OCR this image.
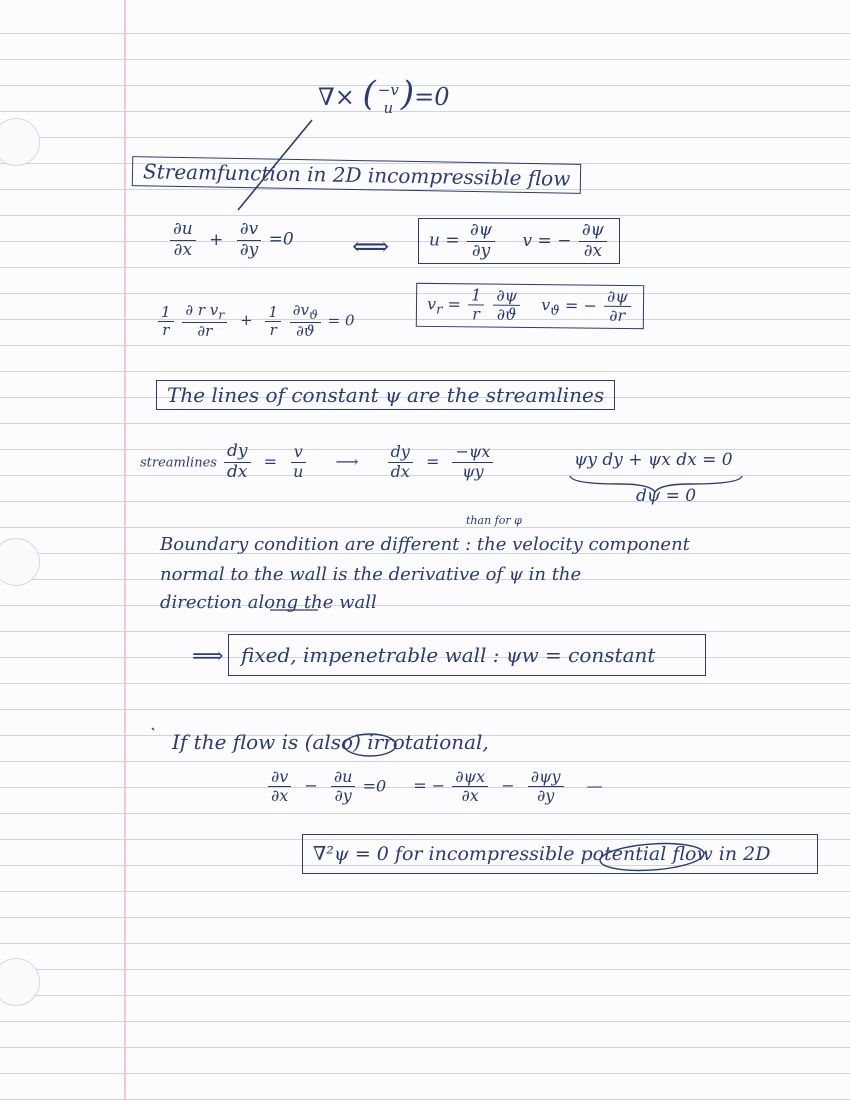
∇× ( −v
u )=0
Streamfunction in 2D incompressible flow
$\frac{\partial u}{\partial x} + \frac{\partial v}{\partial y} =0$ ⟺	$u = \frac{\partial\psi}{\partial y}$ v = − $\frac{\partial\psi}{\partial x}$
$\frac{1}{r}$
$\frac{\partial r v_r}{\partial r} + \frac{1}{r}$
$\frac{\partial v_ϑ}{\partial ϑ} = 0$
$v_r = \frac{1}{r}$
$\frac{\partial\psi}{\partial ϑ} v_ϑ$ = − $\frac{\partial\psi}{\partial r}$
The lines of constant ψ are the streamlines
streamlines $\frac{dy}{dx} = \frac{v}{u}$ ⟶ $\frac{dy}{dx} = \frac{-\psi x}{\psi y}$	ψy dy + ψx dx = 0
dψ = 0
than for φ
Boundary condition are different : the velocity component
normal to the wall is the derivative of ψ in the
direction along the wall
⟹ fixed, impenetrable wall : ψw = constant
If the flow is (also) irrotational,
$\frac{\partial v}{\partial x} - \frac{\partial u}{\partial y} =0$ = − $\frac{\partial\psi x}{\partial x} - \frac{\partial\psi y}{\partial y}$ —
∇²ψ = 0 for incompressible potential flow in 2D
